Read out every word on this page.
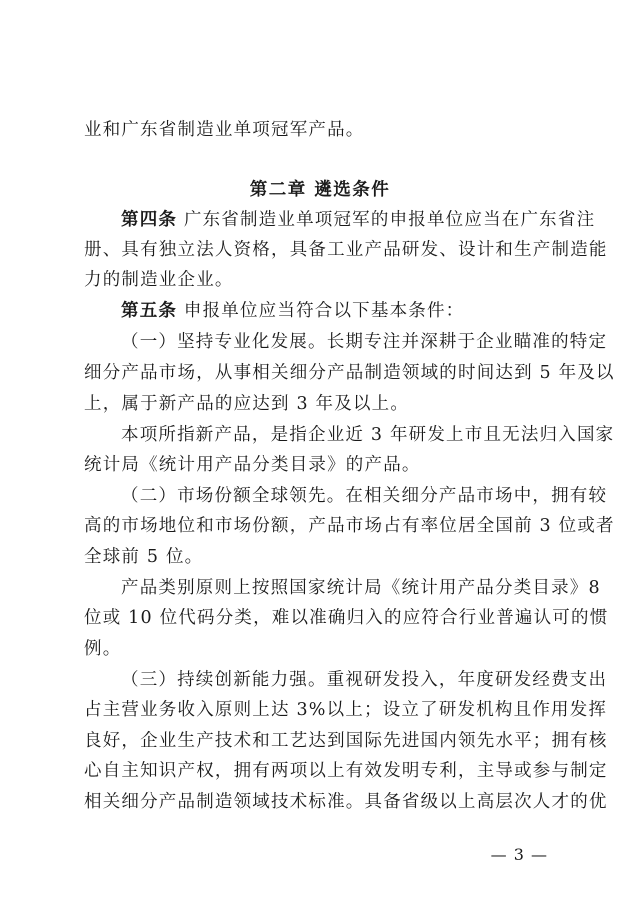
业和广东省制造业单项冠军产品。
第二章 遴选条件
第四条 广东省制造业单项冠军的申报单位应当在广东省注
册、具有独立法人资格，具备工业产品研发、设计和生产制造能
力的制造业企业。
第五条 申报单位应当符合以下基本条件：
（一）坚持专业化发展。长期专注并深耕于企业瞄准的特定
细分产品市场，从事相关细分产品制造领域的时间达到 5 年及以
上，属于新产品的应达到 3 年及以上。
本项所指新产品，是指企业近 3 年研发上市且无法归入国家
统计局《统计用产品分类目录》的产品。
（二）市场份额全球领先。在相关细分产品市场中，拥有较
高的市场地位和市场份额，产品市场占有率位居全国前 3 位或者
全球前 5 位。
产品类别原则上按照国家统计局《统计用产品分类目录》8
位或 10 位代码分类，难以准确归入的应符合行业普遍认可的惯
例。
（三）持续创新能力强。重视研发投入，年度研发经费支出
占主营业务收入原则上达 3%以上；设立了研发机构且作用发挥
良好，企业生产技术和工艺达到国际先进国内领先水平；拥有核
心自主知识产权，拥有两项以上有效发明专利，主导或参与制定
相关细分产品制造领域技术标准。具备省级以上高层次人才的优
— 3 —
